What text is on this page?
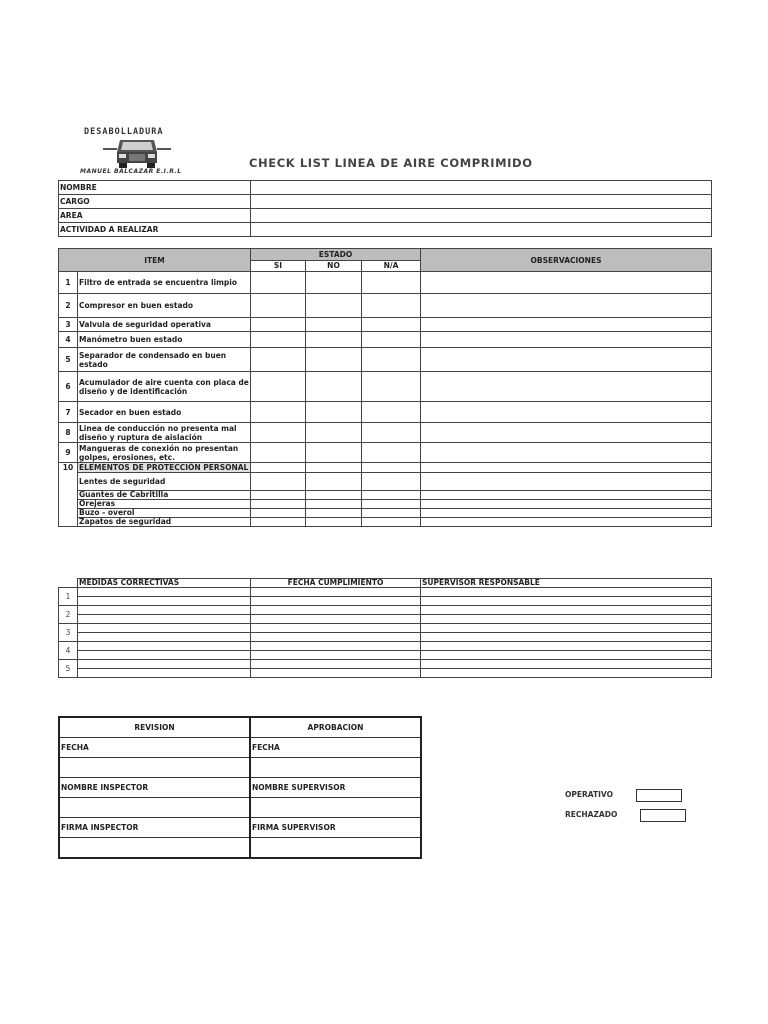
DESABOLLADURA
MANUEL BALCAZAR E.I.R.L
CHECK LIST LINEA DE AIRE COMPRIMIDO
NOMBRE	
CARGO	
AREA	
ACTIVIDAD A REALIZAR	
ITEM		ESTADO			OBSERVACIONES
		SI	NO	N/A	
1	Filtro de entrada se encuentra limpio				
2	Compresor en buen estado				
3	Valvula de seguridad operativa				
4	Manómetro buen estado				
5	Separador de condensado en buen estado				
6	Acumulador de aire cuenta con placa de diseño y de identificación				
7	Secador en buen estado				
8	Linea de conducción no presenta mal diseño y ruptura de aislación				
9	Mangueras de conexión no presentan golpes, erosiones, etc.				
10	ELEMENTOS DE PROTECCIÓN PERSONAL				
	Lentes de seguridad				
	Guantes de Cabritilla				
	Orejeras				
	Buzo - overol				
	Zapatos de seguridad				
	MEDIDAS CORRECTIVAS	FECHA CUMPLIMIENTO	SUPERVISOR RESPONSABLE
1			

2			

3			

4			

5			

REVISION	APROBACION
FECHA	FECHA

NOMBRE INSPECTOR	NOMBRE SUPERVISOR

FIRMA INSPECTOR	FIRMA SUPERVISOR

OPERATIVO
RECHAZADO
